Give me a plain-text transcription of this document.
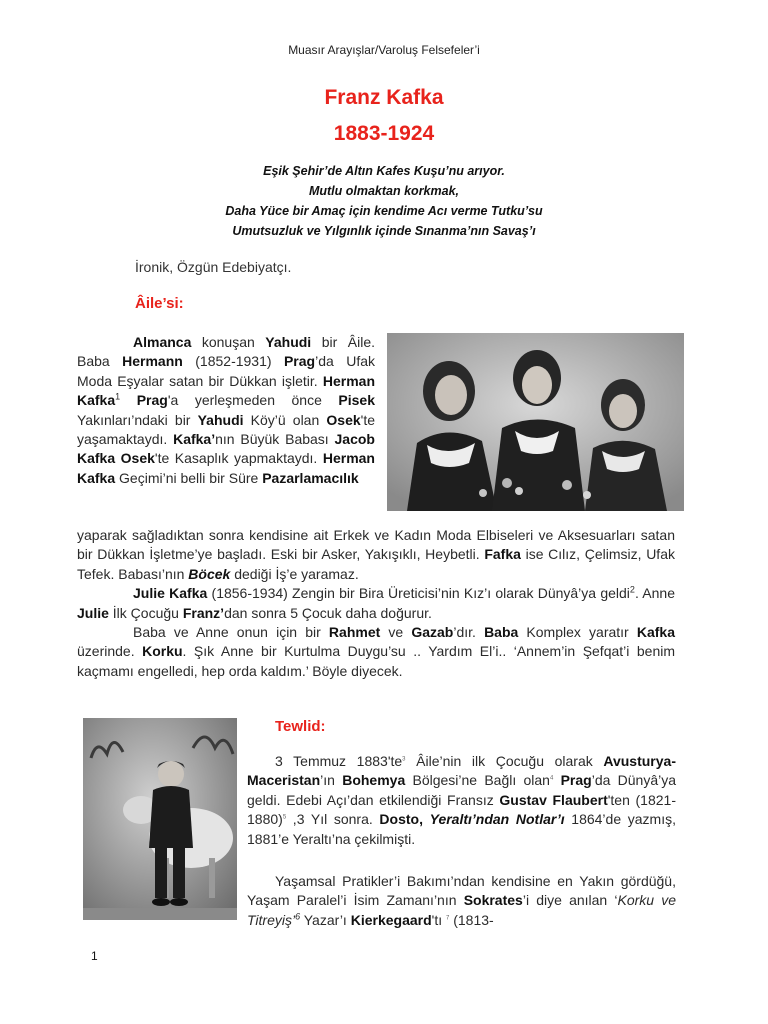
Muasır Arayışlar/Varoluş Felsefeler’i
Franz Kafka
1883-1924
Eşik Şehir’de Altın Kafes Kuşu’nu arıyor.
Mutlu olmaktan korkmak,
Daha Yüce bir Amaç için kendime Acı verme Tutku’su
Umutsuzluk ve Yılgınlık içinde Sınanma’nın Savaş’ı
İronik, Özgün Edebiyatçı.
Âile’si:

Almanca konuşan Yahudi bir Âile. Baba Hermann (1852-1931) Prag’da Ufak Moda Eşyalar satan bir Dükkan işletir. Herman Kafka$^1$ Prag'a yerleşmeden önce Pisek Yakınları’ndaki bir Yahudi Köy’ü olan Osek'te yaşamaktaydı. Kafka’nın Büyük Babası Jacob Kafka Osek'te Kasaplık yapmaktaydı. Herman Kafka Geçimi’ni belli bir Süre Pazarlamacılık

yaparak sağladıktan sonra kendisine ait Erkek ve Kadın Moda Elbiseleri ve Aksesuarları satan bir Dükkan İşletme’ye başladı. Eski bir Asker, Yakışıklı, Heybetli. Fafka ise Cılız, Çelimsiz, Ufak Tefek. Babası’nın Böcek dediği İş’e yaramaz.

Julie Kafka (1856-1934) Zengin bir Bira Üreticisi’nin Kız’ı olarak Dünyâ’ya geldi$^2$. Anne Julie İlk Çocuğu Franz’dan sonra 5 Çocuk daha doğurur.

Baba ve Anne onun için bir Rahmet ve Gazab’dır. Baba Komplex yaratır Kafka üzerinde. Korku. Şık Anne bir Kurtulma Duygu’su .. Yardım El’i.. ‘Annem’in Şefqat’i benim kaçmamı engelledi, hep orda kaldım.’ Böyle diyecek.

Tewlid:

3 Temmuz $1883'te^3$ Âile’nin ilk Çocuğu olarak Avusturya-Maceristan’ın Bohemya Bölgesi’ne Bağlı olan$^4$ Prag’da Dünyâ’ya geldi. Edebi Açı’dan etkilendiği Fransız Gustav Flaubert'ten (1821-1880)$^5$ ,3 Yıl sonra. Dosto, Yeraltı’ndan Notlar’ı 1864’de yazmış, 1881’e Yeraltı’na çekilmişti.

Yaşamsal Pratikler’i Bakımı’ndan kendisine en Yakın gördüğü, Yaşam Paralel’i İsim Zamanı’nın Sokrates’i diye anılan ‘Korku ve Titreyiş’$^6$ Yazar’ı Kierkegaard'tı $^7$ (1813-

1
